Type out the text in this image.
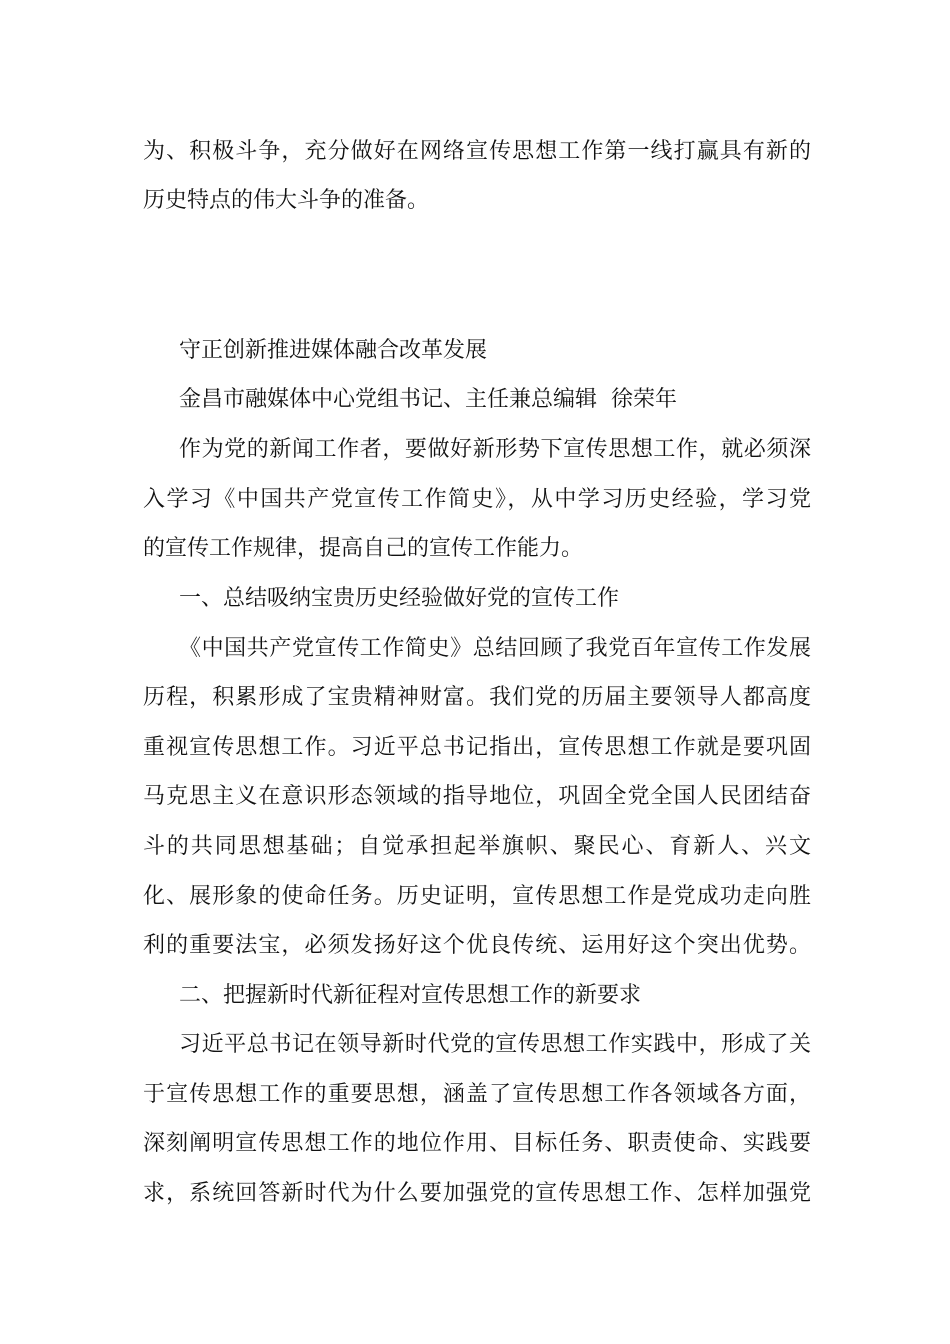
为、积极斗争，充分做好在网络宣传思想工作第一线打赢具有新的
历史特点的伟大斗争的准备。
守正创新推进媒体融合改革发展
金昌市融媒体中心党组书记、主任兼总编辑  徐荣年
作为党的新闻工作者，要做好新形势下宣传思想工作，就必须深
入学习《中国共产党宣传工作简史》，从中学习历史经验，学习党
的宣传工作规律，提高自己的宣传工作能力。
一、总结吸纳宝贵历史经验做好党的宣传工作
《中国共产党宣传工作简史》总结回顾了我党百年宣传工作发展
历程，积累形成了宝贵精神财富。我们党的历届主要领导人都高度
重视宣传思想工作。习近平总书记指出，宣传思想工作就是要巩固
马克思主义在意识形态领域的指导地位，巩固全党全国人民团结奋
斗的共同思想基础；自觉承担起举旗帜、聚民心、育新人、兴文
化、展形象的使命任务。历史证明，宣传思想工作是党成功走向胜
利的重要法宝，必须发扬好这个优良传统、运用好这个突出优势。
二、把握新时代新征程对宣传思想工作的新要求
习近平总书记在领导新时代党的宣传思想工作实践中，形成了关
于宣传思想工作的重要思想，涵盖了宣传思想工作各领域各方面，
深刻阐明宣传思想工作的地位作用、目标任务、职责使命、实践要
求，系统回答新时代为什么要加强党的宣传思想工作、怎样加强党
